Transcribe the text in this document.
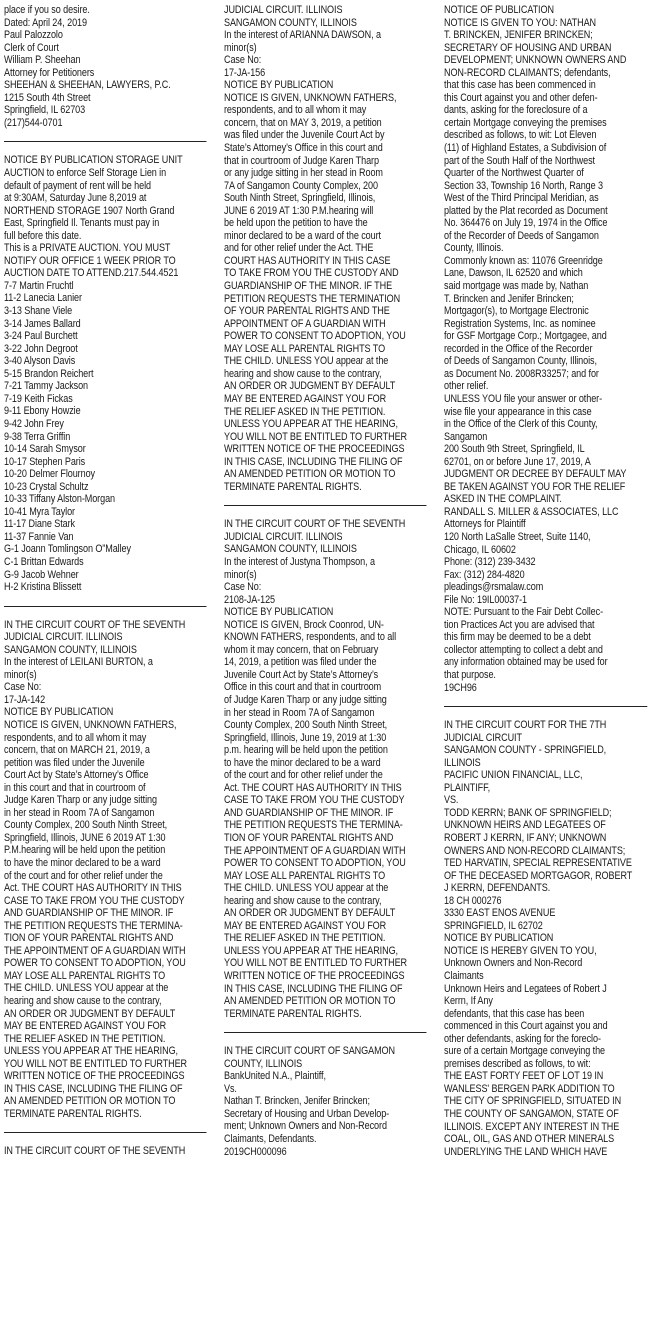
place if you so desire.
Dated: April 24, 2019
Paul Palozzolo
Clerk of Court
William P. Sheehan
Attorney for Petitioners
SHEEHAN & SHEEHAN, LAWYERS, P.C.
1215 South 4th Street
Springfield, IL 62703
(217)544-0701
NOTICE BY PUBLICATION STORAGE UNIT
AUCTION to enforce Self Storage Lien in
default of payment of rent will be held
at 9:30AM, Saturday June 8,2019 at
NORTHEND STORAGE 1907 North Grand
East, Springfield Il. Tenants must pay in
full before this date.
This is a PRIVATE AUCTION. YOU MUST
NOTIFY OUR OFFICE 1 WEEK PRIOR TO
AUCTION DATE TO ATTEND.217.544.4521
7-7 Martin Fruchtl
11-2 Lanecia Lanier
3-13 Shane Viele
3-14 James Ballard
3-24 Paul Burchett
3-22 John Degroot
3-40 Alyson Davis
5-15 Brandon Reichert
7-21 Tammy Jackson
7-19 Keith Fickas
9-11 Ebony Howzie
9-42 John Frey
9-38 Terra Griffin
10-14 Sarah Smysor
10-17 Stephen Paris
10-20 Delmer Flournoy
10-23 Crystal Schultz
10-33 Tiffany Alston-Morgan
10-41 Myra Taylor
11-17 Diane Stark
11-37 Fannie Van
G-1 Joann Tomlingson O”Malley
C-1 Brittan Edwards
G-9 Jacob Wehner
H-2 Kristina Blissett
IN THE CIRCUIT COURT OF THE SEVENTH
JUDICIAL CIRCUIT. ILLINOIS
SANGAMON COUNTY, ILLINOIS
In the interest of LEILANI BURTON, a
minor(s)
Case No:
17-JA-142
NOTICE BY PUBLICATION
NOTICE IS GIVEN, UNKNOWN FATHERS,
respondents, and to all whom it may
concern, that on MARCH 21, 2019, a
petition was filed under the Juvenile
Court Act by State’s Attorney’s Office
in this court and that in courtroom of
Judge Karen Tharp or any judge sitting
in her stead in Room 7A of Sangamon
County Complex, 200 South Ninth Street,
Springfield, Illinois, JUNE 6 2019 AT 1:30
P.M.hearing will be held upon the petition
to have the minor declared to be a ward
of the court and for other relief under the
Act. THE COURT HAS AUTHORITY IN THIS
CASE TO TAKE FROM YOU THE CUSTODY
AND GUARDIANSHIP OF THE MINOR. IF
THE PETITION REQUESTS THE TERMINA-
TION OF YOUR PARENTAL RIGHTS AND
THE APPOINTMENT OF A GUARDIAN WITH
POWER TO CONSENT TO ADOPTION, YOU
MAY LOSE ALL PARENTAL RIGHTS TO
THE CHILD. UNLESS YOU appear at the
hearing and show cause to the contrary,
AN ORDER OR JUDGMENT BY DEFAULT
MAY BE ENTERED AGAINST YOU FOR
THE RELIEF ASKED IN THE PETITION.
UNLESS YOU APPEAR AT THE HEARING,
YOU WILL NOT BE ENTITLED TO FURTHER
WRITTEN NOTICE OF THE PROCEEDINGS
IN THIS CASE, INCLUDING THE FILING OF
AN AMENDED PETITION OR MOTION TO
TERMINATE PARENTAL RIGHTS.
IN THE CIRCUIT COURT OF THE SEVENTH
JUDICIAL CIRCUIT. ILLINOIS
SANGAMON COUNTY, ILLINOIS
In the interest of ARIANNA DAWSON, a
minor(s)
Case No:
17-JA-156
NOTICE BY PUBLICATION
NOTICE IS GIVEN, UNKNOWN FATHERS,
respondents, and to all whom it may
concern, that on MAY 3, 2019, a petition
was filed under the Juvenile Court Act by
State’s Attorney’s Office in this court and
that in courtroom of Judge Karen Tharp
or any judge sitting in her stead in Room
7A of Sangamon County Complex, 200
South Ninth Street, Springfield, Illinois,
JUNE 6 2019 AT 1:30 P.M.hearing will
be held upon the petition to have the
minor declared to be a ward of the court
and for other relief under the Act. THE
COURT HAS AUTHORITY IN THIS CASE
TO TAKE FROM YOU THE CUSTODY AND
GUARDIANSHIP OF THE MINOR. IF THE
PETITION REQUESTS THE TERMINATION
OF YOUR PARENTAL RIGHTS AND THE
APPOINTMENT OF A GUARDIAN WITH
POWER TO CONSENT TO ADOPTION, YOU
MAY LOSE ALL PARENTAL RIGHTS TO
THE CHILD. UNLESS YOU appear at the
hearing and show cause to the contrary,
AN ORDER OR JUDGMENT BY DEFAULT
MAY BE ENTERED AGAINST YOU FOR
THE RELIEF ASKED IN THE PETITION.
UNLESS YOU APPEAR AT THE HEARING,
YOU WILL NOT BE ENTITLED TO FURTHER
WRITTEN NOTICE OF THE PROCEEDINGS
IN THIS CASE, INCLUDING THE FILING OF
AN AMENDED PETITION OR MOTION TO
TERMINATE PARENTAL RIGHTS.
IN THE CIRCUIT COURT OF THE SEVENTH
JUDICIAL CIRCUIT. ILLINOIS
SANGAMON COUNTY, ILLINOIS
In the interest of Justyna Thompson, a
minor(s)
Case No:
2108-JA-125
NOTICE BY PUBLICATION
NOTICE IS GIVEN, Brock Coonrod, UN-
KNOWN FATHERS, respondents, and to all
whom it may concern, that on February
14, 2019, a petition was filed under the
Juvenile Court Act by State’s Attorney’s
Office in this court and that in courtroom
of Judge Karen Tharp or any judge sitting
in her stead in Room 7A of Sangamon
County Complex, 200 South Ninth Street,
Springfield, Illinois, June 19, 2019 at 1:30
p.m. hearing will be held upon the petition
to have the minor declared to be a ward
of the court and for other relief under the
Act. THE COURT HAS AUTHORITY IN THIS
CASE TO TAKE FROM YOU THE CUSTODY
AND GUARDIANSHIP OF THE MINOR. IF
THE PETITION REQUESTS THE TERMINA-
TION OF YOUR PARENTAL RIGHTS AND
THE APPOINTMENT OF A GUARDIAN WITH
POWER TO CONSENT TO ADOPTION, YOU
MAY LOSE ALL PARENTAL RIGHTS TO
THE CHILD. UNLESS YOU appear at the
hearing and show cause to the contrary,
AN ORDER OR JUDGMENT BY DEFAULT
MAY BE ENTERED AGAINST YOU FOR
THE RELIEF ASKED IN THE PETITION.
UNLESS YOU APPEAR AT THE HEARING,
YOU WILL NOT BE ENTITLED TO FURTHER
WRITTEN NOTICE OF THE PROCEEDINGS
IN THIS CASE, INCLUDING THE FILING OF
AN AMENDED PETITION OR MOTION TO
TERMINATE PARENTAL RIGHTS.
IN THE CIRCUIT COURT OF SANGAMON
COUNTY, ILLINOIS
BankUnited N.A., Plaintiff,
Vs.
Nathan T. Brincken, Jenifer Brincken;
Secretary of Housing and Urban Develop-
ment; Unknown Owners and Non-Record
Claimants, Defendants.
2019CH000096
NOTICE OF PUBLICATION
NOTICE IS GIVEN TO YOU: NATHAN
T. BRINCKEN, JENIFER BRINCKEN;
SECRETARY OF HOUSING AND URBAN
DEVELOPMENT; UNKNOWN OWNERS AND
NON-RECORD CLAIMANTS; defendants,
that this case has been commenced in
this Court against you and other defen-
dants, asking for the foreclosure of a
certain Mortgage conveying the premises
described as follows, to wit: Lot Eleven
(11) of Highland Estates, a Subdivision of
part of the South Half of the Northwest
Quarter of the Northwest Quarter of
Section 33, Township 16 North, Range 3
West of the Third Principal Meridian, as
platted by the Plat recorded as Document
No. 364476 on July 19, 1974 in the Office
of the Recorder of Deeds of Sangamon
County, Illinois.
Commonly known as: 11076 Greenridge
Lane, Dawson, IL 62520 and which
said mortgage was made by, Nathan
T. Brincken and Jenifer Brincken;
Mortgagor(s), to Mortgage Electronic
Registration Systems, Inc. as nominee
for GSF Mortgage Corp.; Mortgagee, and
recorded in the Office of the Recorder
of Deeds of Sangamon County, Illinois,
as Document No. 2008R33257; and for
other relief.
UNLESS YOU file your answer or other-
wise file your appearance in this case
in the Office of the Clerk of this County,
Sangamon
200 South 9th Street, Springfield, IL
62701, on or before June 17, 2019, A
JUDGMENT OR DECREE BY DEFAULT MAY
BE TAKEN AGAINST YOU FOR THE RELIEF
ASKED IN THE COMPLAINT.
RANDALL S. MILLER & ASSOCIATES, LLC
Attorneys for Plaintiff
120 North LaSalle Street, Suite 1140,
Chicago, IL 60602
Phone: (312) 239-3432
Fax: (312) 284-4820
pleadings@rsmalaw.com
File No: 19IL00037-1
NOTE: Pursuant to the Fair Debt Collec-
tion Practices Act you are advised that
this firm may be deemed to be a debt
collector attempting to collect a debt and
any information obtained may be used for
that purpose.
19CH96
IN THE CIRCUIT COURT FOR THE 7TH
JUDICIAL CIRCUIT
SANGAMON COUNTY - SPRINGFIELD,
ILLINOIS
PACIFIC UNION FINANCIAL, LLC,
PLAINTIFF,
VS.
TODD KERRN; BANK OF SPRINGFIELD;
UNKNOWN HEIRS AND LEGATEES OF
ROBERT J KERRN, IF ANY; UNKNOWN
OWNERS AND NON-RECORD CLAIMANTS;
TED HARVATIN, SPECIAL REPRESENTATIVE
OF THE DECEASED MORTGAGOR, ROBERT
J KERRN, DEFENDANTS.
18 CH 000276
3330 EAST ENOS AVENUE
SPRINGFIELD, IL 62702
NOTICE BY PUBLICATION
NOTICE IS HEREBY GIVEN TO YOU,
Unknown Owners and Non-Record
Claimants
Unknown Heirs and Legatees of Robert J
Kerrn, If Any
defendants, that this case has been
commenced in this Court against you and
other defendants, asking for the foreclo-
sure of a certain Mortgage conveying the
premises described as follows, to wit:
THE EAST FORTY FEET OF LOT 19 IN
WANLESS' BERGEN PARK ADDITION TO
THE CITY OF SPRINGFIELD, SITUATED IN
THE COUNTY OF SANGAMON, STATE OF
ILLINOIS. EXCEPT ANY INTEREST IN THE
COAL, OIL, GAS AND OTHER MINERALS
UNDERLYING THE LAND WHICH HAVE
